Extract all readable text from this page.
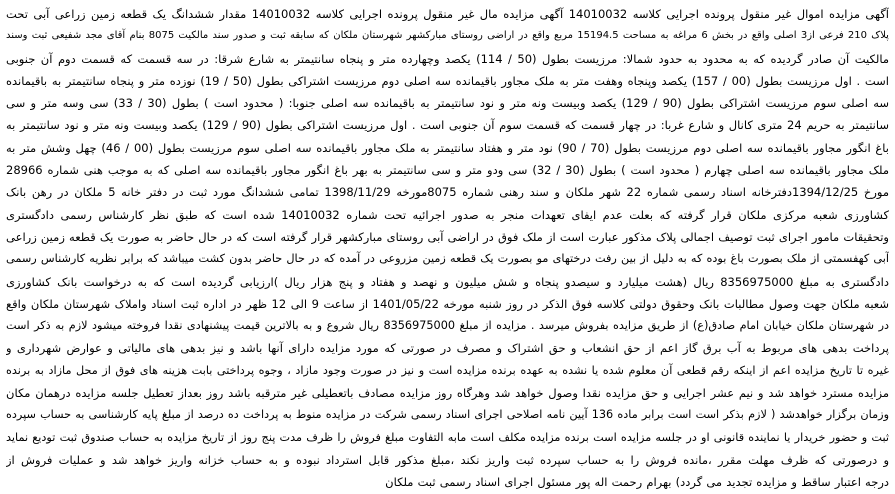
آگهی مزایده اموال غیر منقول پرونده اجرایی کلاسه 14010032 آگهی مزایده مال غیر منقول پرونده اجرایی کلاسه 14010032 مقدار ششدانگ یک قطعه زمین زراعی آبی تحت
پلاک 210 فرعی از3 اصلی واقع در بخش 6 مراغه به مساحت 15194.5 مربع واقع در اراضی روستای مبارکشهر شهرستان ملکان که سابقه ثبت و صدور سند مالکیت 8075 بنام آقای مجد شفیعی ثبت وسند
مالکیت آن صادر گردیده که به محدود به حدود شمالا: مرزیست بطول (50 / 114) یکصد وچهارده متر و پنجاه سانتیمتر به شارع شرقا: در سه قسمت که قسمت دوم آن جنوبی
است . اول مرزیست بطول (00 / 157) یکصد وپنجاه وهفت متر به ملک مجاور باقیمانده سه اصلی دوم مرزیست اشتراکی بطول (50 / 19) نوزده متر و پنجاه سانتیمتر به باقیمانده
سه اصلی سوم مرزیست اشتراکی بطول (90 / 129) یکصد وبیست ونه متر و نود سانتیمتر به باقیمانده سه اصلی جنوبا: ( محدود است ) بطول (30 / 33) سی وسه متر و سی
سانتیمتر به حریم 24 متری کانال و شارع غربا: در چهار قسمت که قسمت سوم آن جنوبی است . اول مرزیست اشتراکی بطول (90 / 129) یکصد وبیست ونه متر و نود سانتیمتر به
باغ انگور مجاور باقیمانده سه اصلی دوم مرزیست بطول (70 / 90) نود متر و هفتاد سانتیمتر به ملک مجاور باقیمانده سه اصلی سوم مرزیست بطول (00 / 46) چهل وشش متر به
ملک مجاور باقیمانده سه اصلی چهارم ( محدود است ) بطول (30 / 32) سی ودو متر و سی سانتیمتر به بهر باغ انگور مجاور باقیمانده سه اصلی که به موجب هنی شماره 28966
مورخ 1394/12/25دفترخانه اسناد رسمی شماره 22 شهر ملکان و سند رهنی شماره 8075مورخه 1398/11/29 تمامی ششدانگ مورد ثبت در دفتر خانه 5 ملکان در رهن بانک
کشاورزی شعبه مرکزی ملکان قرار گرفته که بعلت عدم ایفای تعهدات منجر به صدور اجرائیه تحت شماره 14010032 شده است که طبق نظر کارشناس رسمی دادگستری
وتحقیقات مامور اجرای ثبت توصیف اجمالی پلاک مذکور عبارت است از ملک فوق در اراضی آبی روستای مبارکشهر قرار گرفته است که در حال حاضر به صورت یک قطعه زمین زراعی
آبی کهفسمتی از ملک بصورت باغ بوده که به دلیل از بین رفت درختهای مو بصورت یک قطعه زمین مزروعی در آمده که در حال حاضر بدون کشت میباشد که برابر نظریه کارشناس رسمی
دادگستری به مبلغ 8356975000 ریال (هشت میلیارد و سیصدو پنجاه و شش میلیون و نهصد و هفتاد و پنج هزار ریال )ارزیابی گردیده است که به درخواست بانک کشاورزی
شعبه ملکان جهت وصول مطالبات بانک وحقوق دولتی کلاسه فوق الذکر در روز شنبه مورخه 1401/05/22 از ساعت 9 الی 12 ظهر در اداره ثبت اسناد واملاک شهرستان ملکان واقع
در شهرستان ملکان خیابان امام صادق(ع) از طریق مزایده بفروش میرسد . مزایده از مبلغ 8356975000 ریال شروع و به بالاترین قیمت پیشنهادی نقدا فروخته میشود لازم به ذکر است
پرداخت بدهی های مربوط به آب برق گاز اعم از حق انشعاب و حق اشتراک و مصرف در صورتی که مورد مزایده دارای آنها باشد و نیز بدهی های مالیاتی و عوارض شهرداری و
غیره تا تاریخ مزایده اعم از اینکه رقم قطعی آن معلوم شده یا نشده به عهده برنده مزایده است و نیز در صورت وجود مازاد ، وجوه پرداختی بابت هزینه های فوق از محل مازاد به برنده
مزایده مسترد خواهد شد و نیم عشر اجرایی و حق مزایده نقدا وصول خواهد شد وهرگاه روز مزایده مصادف باتعطیلی غیر مترقبه باشد روز بعداز تعطیل جلسه مزایده درهمان مکان
وزمان برگزار خواهدشد ( لازم بذکر است است برابر ماده 136 آیین نامه اصلاحی اجرای اسناد رسمی شرکت در مزایده منوط به پرداخت ده درصد از مبلغ پایه کارشناسی به حساب سپرده
ثبت و حضور خریدار یا نماینده قانونی او در جلسه مزایده است برنده مزایده مکلف است مابه التفاوت مبلغ فروش را ظرف مدت پنج روز از تاریخ مزایده به حساب صندوق ثبت تودیع نماید
و درصورتی که ظرف مهلت مقرر ،مانده فروش را به حساب سپرده ثبت واریز نکند ،مبلغ مذکور قابل استرداد نبوده و به حساب خزانه واریز خواهد شد و عملیات فروش از
درجه اعتبار ساقط و مزایده تجدید می گردد) بهرام رحمت اله پور مسئول اجرای اسناد رسمی ثبت ملکان
